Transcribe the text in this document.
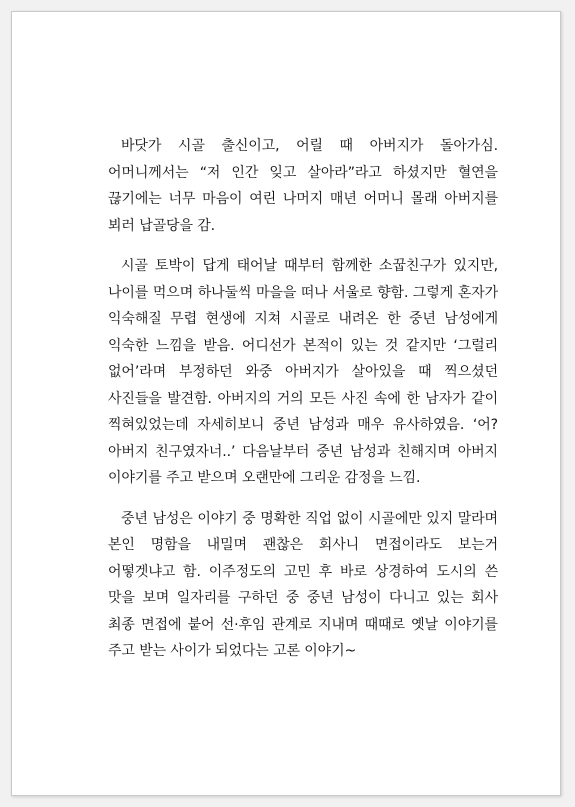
바닷가 시골 출신이고, 어릴 때 아버지가 돌아가심. 어머니께서는 “저 인간 잊고 살아라”라고 하셨지만 혈연을 끊기에는 너무 마음이 여린 나머지 매년 어머니 몰래 아버지를 뵈러 납골당을 감.

시골 토박이 답게 태어날 때부터 함께한 소꿉친구가 있지만, 나이를 먹으며 하나둘씩 마을을 떠나 서울로 향함. 그렇게 혼자가 익숙해질 무렵 현생에 지쳐 시골로 내려온 한 중년 남성에게 익숙한 느낌을 받음. 어디선가 본적이 있는 것 같지만 ‘그럴리 없어’라며 부정하던 와중 아버지가 살아있을 때 찍으셨던 사진들을 발견함. 아버지의 거의 모든 사진 속에 한 남자가 같이 찍혀있었는데 자세히보니 중년 남성과 매우 유사하였음. ‘어? 아버지 친구였자너..’ 다음날부터 중년 남성과 친해지며 아버지 이야기를 주고 받으며 오랜만에 그리운 감정을 느낌.

중년 남성은 이야기 중 명확한 직업 없이 시골에만 있지 말라며 본인 명함을 내밀며 괜찮은 회사니 면접이라도 보는거 어떻겟냐고 함. 이주정도의 고민 후 바로 상경하여 도시의 쓴 맛을 보며 일자리를 구하던 중 중년 남성이 다니고 있는 회사 최종 면접에 붙어 선·후임 관계로 지내며 때때로 옛날 이야기를 주고 받는 사이가 되었다는 고론 이야기~
